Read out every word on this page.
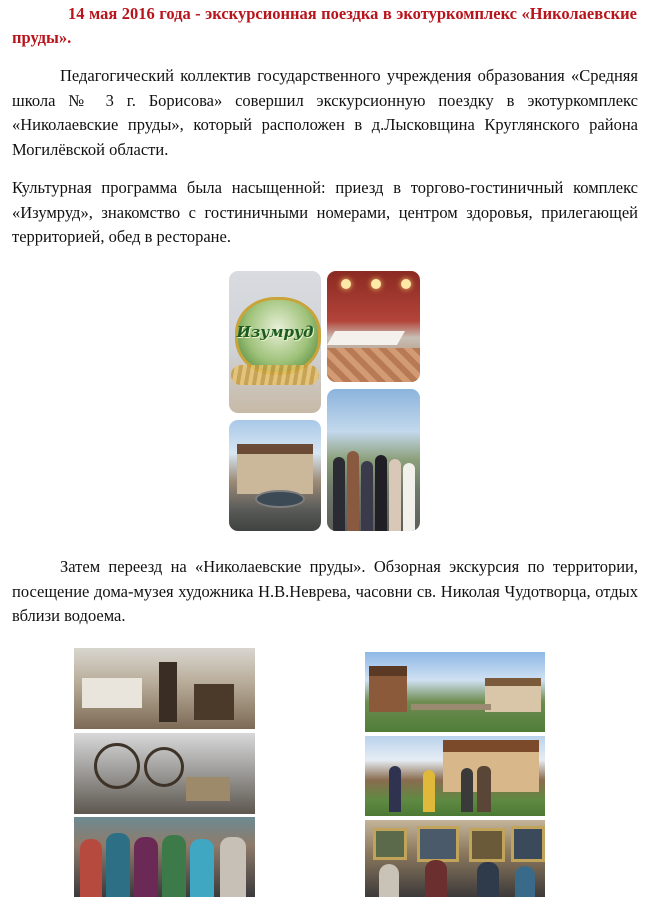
14 мая 2016 года - экскурсионная поездка в экотуркомплекс «Николаевские пруды».

Педагогический коллектив государственного учреждения образования «Средняя школа № 3 г. Борисова» совершил экскурсионную поездку в экотуркомплекс «Николаевские пруды», который расположен в д.Лысковщина Круглянского района Могилёвской области.

Культурная программа была насыщенной: приезд в торгово-гостиничный комплекс «Изумруд», знакомство с гостиничными номерами, центром здоровья, прилегающей территорией, обед в ресторане.

Изумруд

Затем переезд на «Николаевские пруды». Обзорная экскурсия по территории, посещение дома-музея художника Н.В.Неврева, часовни св. Николая Чудотворца, отдых вблизи водоема.
